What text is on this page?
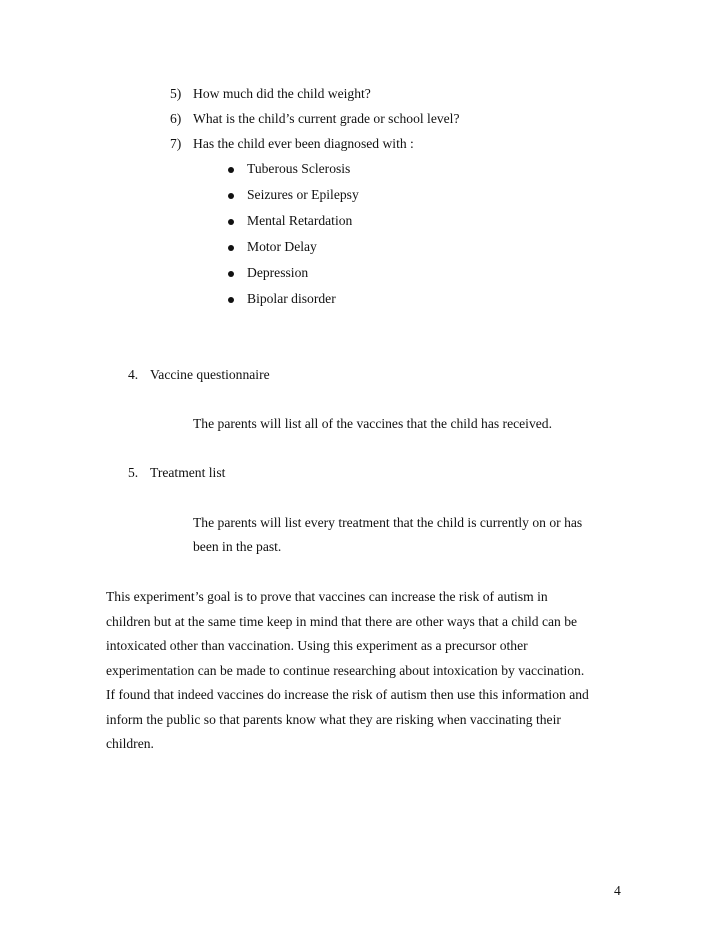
5) How much did the child weight?
6) What is the child’s current grade or school level?
7) Has the child ever been diagnosed with :
Tuberous Sclerosis
Seizures or Epilepsy
Mental Retardation
Motor Delay
Depression
Bipolar disorder
4. Vaccine questionnaire
The parents will list all of the vaccines that the child has received.
5. Treatment list
The parents will list every treatment that the child is currently on or has
been in the past.
This experiment’s goal is to prove that vaccines can increase the risk of autism in
children but at the same time keep in mind that there are other ways that a child can be
intoxicated other than vaccination. Using this experiment as a precursor other
experimentation can be made to continue researching about intoxication by vaccination.
If found that indeed vaccines do increase the risk of autism then use this information and
inform the public so that parents know what they are risking when vaccinating their
children.
4
